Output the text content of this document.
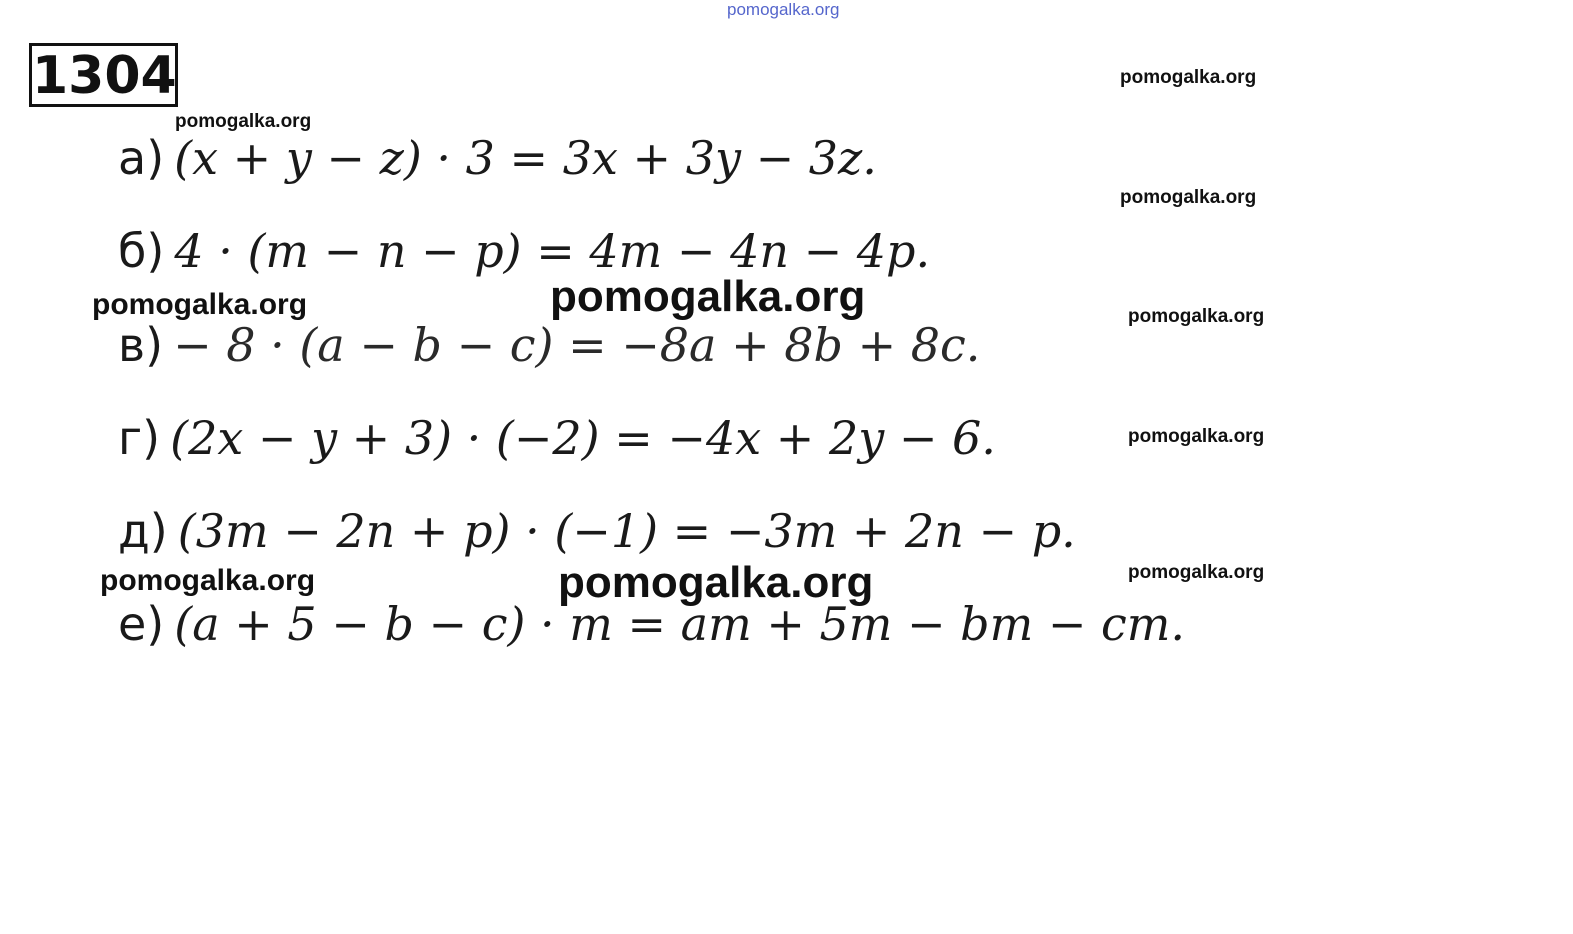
pomogalka.org
1304	pomogalka.org
pomogalka.org
pomogalka.org
pomogalka.org	pomogalka.org	pomogalka.org
pomogalka.org
pomogalka.org	pomogalka.org	pomogalka.org
а) (x + y − z) · 3 = 3x + 3y − 3z.
б) 4 · (m − n − p) = 4m − 4n − 4p.
в) − 8 · (a − b − c) = −8a + 8b + 8c.
г) (2x − y + 3) · (−2) = −4x + 2y − 6.
д) (3m − 2n + p) · (−1) = −3m + 2n − p.
е) (a + 5 − b − c) · m = am + 5m − bm − cm.
